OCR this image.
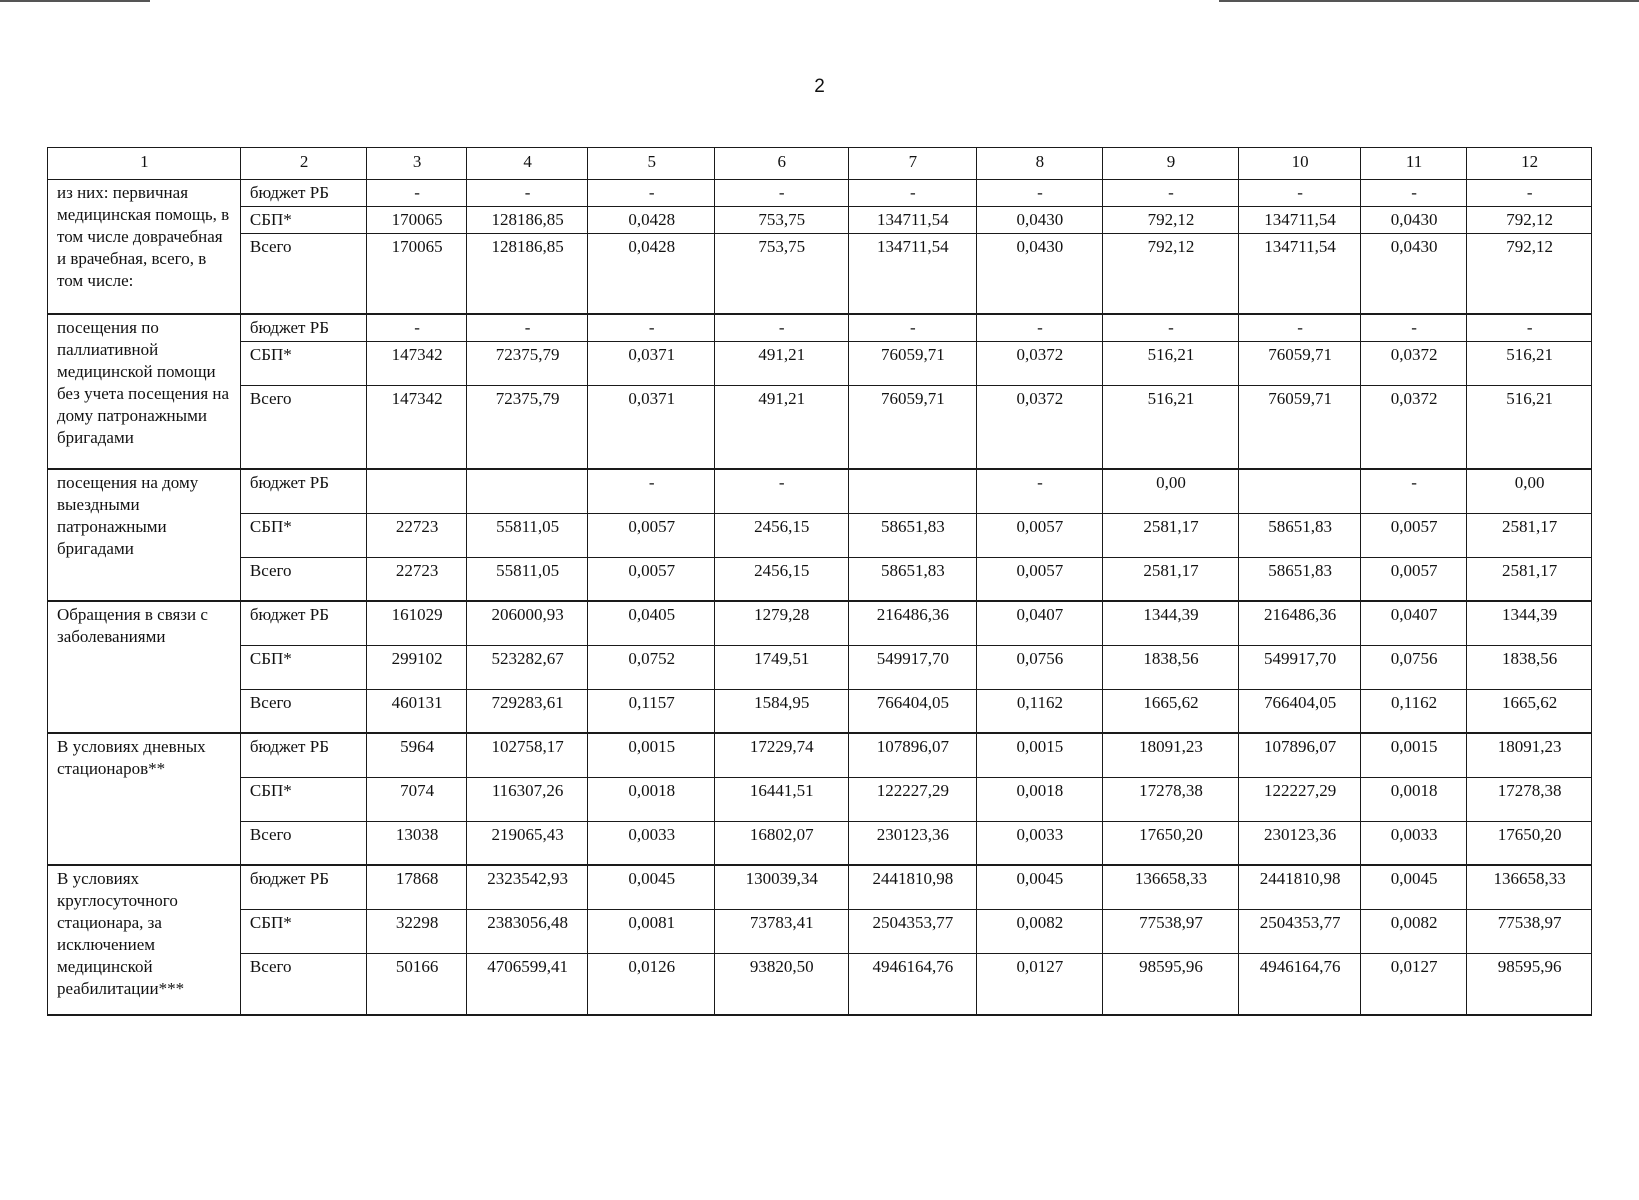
2
1	2	3	4	5	6	7	8	9	10	11	12
из них: первичная медицинская помощь, в том числе доврачебная и врачебная, всего, в том числе:	бюджет РБ	-	-	-	-	-	-	-	-	-	-
	СБП*	170065	128186,85	0,0428	753,75	134711,54	0,0430	792,12	134711,54	0,0430	792,12
	Всего	170065	128186,85	0,0428	753,75	134711,54	0,0430	792,12	134711,54	0,0430	792,12
посещения по паллиативной медицинской помощи без учета посещения на дому патронажными бригадами	бюджет РБ	-	-	-	-	-	-	-	-	-	-
	СБП*	147342	72375,79	0,0371	491,21	76059,71	0,0372	516,21	76059,71	0,0372	516,21
	Всего	147342	72375,79	0,0371	491,21	76059,71	0,0372	516,21	76059,71	0,0372	516,21
посещения на дому выездными патронажными бригадами	бюджет РБ			-	-		-	0,00		-	0,00
	СБП*	22723	55811,05	0,0057	2456,15	58651,83	0,0057	2581,17	58651,83	0,0057	2581,17
	Всего	22723	55811,05	0,0057	2456,15	58651,83	0,0057	2581,17	58651,83	0,0057	2581,17
Обращения в связи с заболеваниями	бюджет РБ	161029	206000,93	0,0405	1279,28	216486,36	0,0407	1344,39	216486,36	0,0407	1344,39
	СБП*	299102	523282,67	0,0752	1749,51	549917,70	0,0756	1838,56	549917,70	0,0756	1838,56
	Всего	460131	729283,61	0,1157	1584,95	766404,05	0,1162	1665,62	766404,05	0,1162	1665,62
В условиях дневных стационаров**	бюджет РБ	5964	102758,17	0,0015	17229,74	107896,07	0,0015	18091,23	107896,07	0,0015	18091,23
	СБП*	7074	116307,26	0,0018	16441,51	122227,29	0,0018	17278,38	122227,29	0,0018	17278,38
	Всего	13038	219065,43	0,0033	16802,07	230123,36	0,0033	17650,20	230123,36	0,0033	17650,20
В условиях круглосуточного стационара, за исключением медицинской реабилитации***	бюджет РБ	17868	2323542,93	0,0045	130039,34	2441810,98	0,0045	136658,33	2441810,98	0,0045	136658,33
	СБП*	32298	2383056,48	0,0081	73783,41	2504353,77	0,0082	77538,97	2504353,77	0,0082	77538,97
	Всего	50166	4706599,41	0,0126	93820,50	4946164,76	0,0127	98595,96	4946164,76	0,0127	98595,96
